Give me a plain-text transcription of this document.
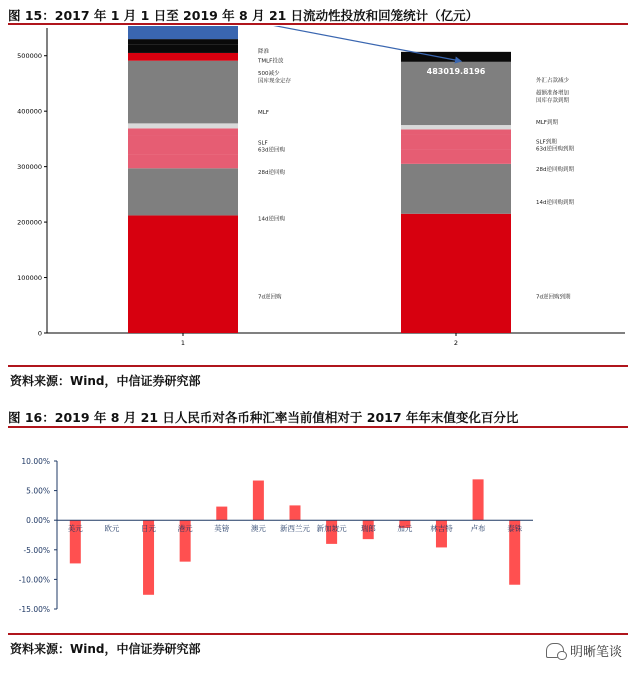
图 15：2017 年 1 月 1 日至 2019 年 8 月 21 日流动性投放和回笼统计（亿元）
0
100000
200000
300000
400000
500000
1	2
483019.8196
降准
TMLF投放
500减少
国库现金定存
MLF
SLF
63d逆回购
28d逆回购
14d逆回购
7d逆回购
外汇占款减少
超额准备增加
国库存款到期
MLF到期
SLF到期
63d逆回购到期
28d逆回购到期
14d逆回购到期
7d逆回购到期
资料来源：Wind，中信证券研究部
图 16：2019 年 8 月 21 日人民币对各币种汇率当前值相对于 2017 年年末值变化百分比
10.00%
5.00%
0.00%
-5.00%
-10.00%
-15.00%
美元	欧元	日元	港元	英镑	澳元 新西兰元 新加坡元 瑞郎	加元 林吉特 卢布	泰铢
资料来源：Wind，中信证券研究部	明晰笔谈
